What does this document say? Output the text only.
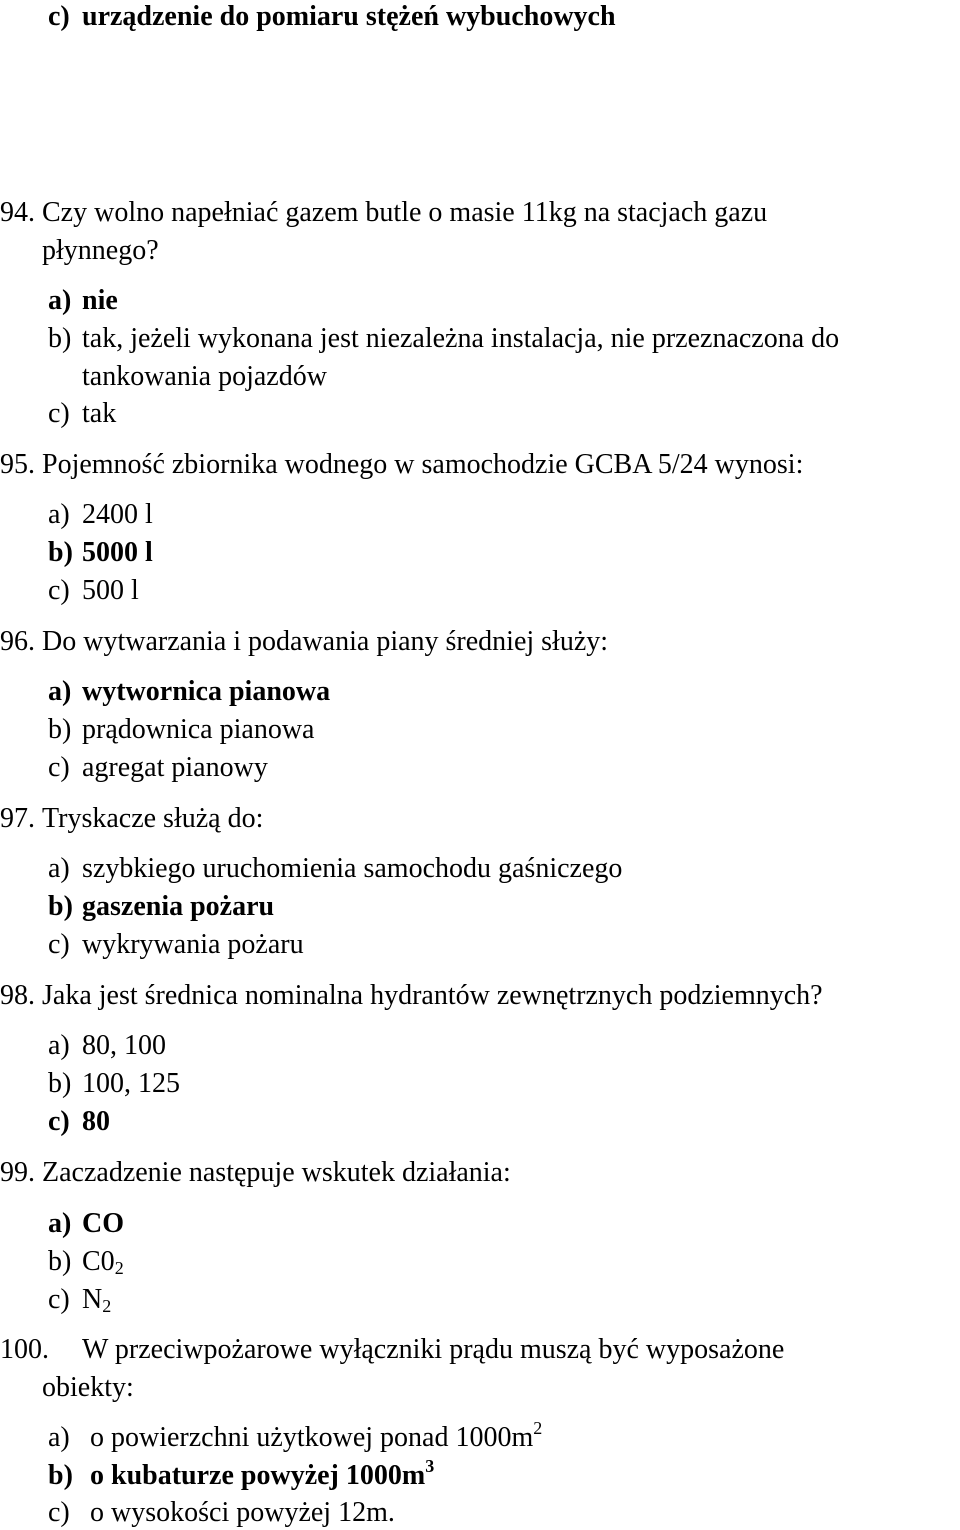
c) urządzenie do pomiaru stężeń wybuchowych
94. Czy wolno napełniać gazem butle o masie 11kg na stacjach gazu
płynnego?
a) nie
b) tak, jeżeli wykonana jest niezależna instalacja, nie przeznaczona do
tankowania pojazdów
c) tak
95. Pojemność zbiornika wodnego w samochodzie GCBA 5/24 wynosi:
a) 2400 l
b) 5000 l
c) 500 l
96. Do wytwarzania i podawania piany średniej służy:
a) wytwornica pianowa
b) prądownica pianowa
c) agregat pianowy
97. Tryskacze służą do:
a) szybkiego uruchomienia samochodu gaśniczego
b) gaszenia pożaru
c) wykrywania pożaru
98. Jaka jest średnica nominalna hydrantów zewnętrznych podziemnych?
a) 80, 100
b) 100, 125
c) 80
99. Zaczadzenie następuje wskutek działania:
a) CO
b) $C0_2$
c) $N_2$
100. W przeciwpożarowe wyłączniki prądu muszą być wyposażone
obiekty:
a) o powierzchni użytkowej ponad $1000m^2$
b) o kubaturze powyżej $1000m^3$
c) o wysokości powyżej 12m.
